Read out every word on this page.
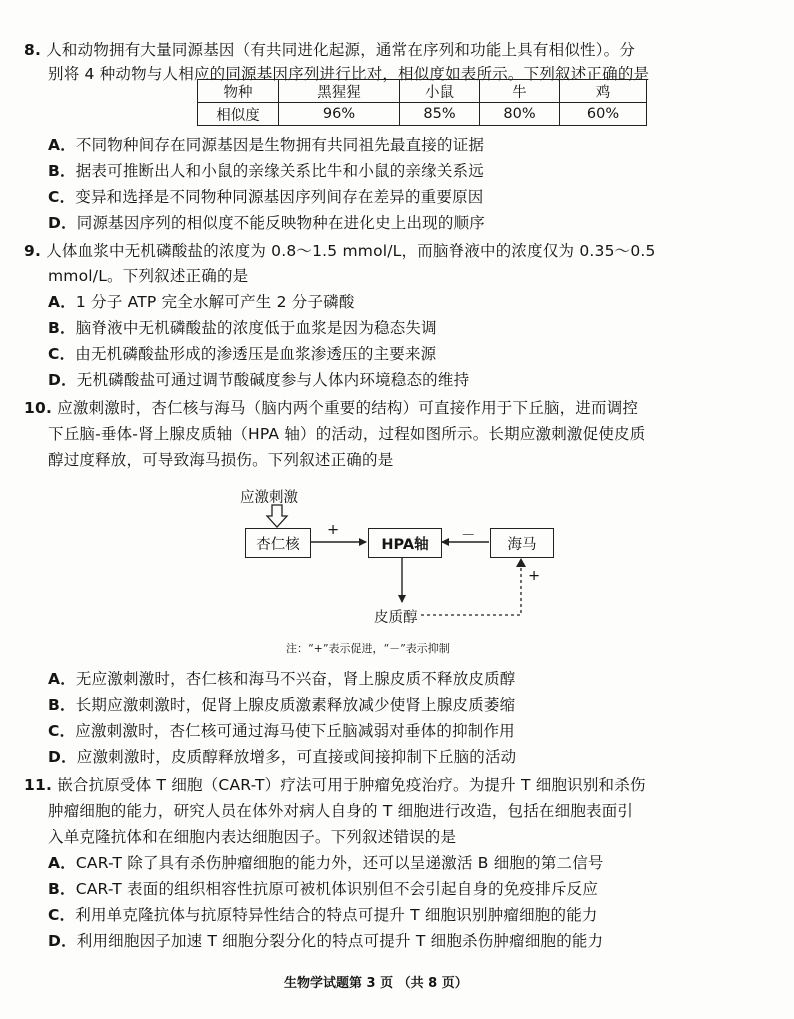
8. 人和动物拥有大量同源基因（有共同进化起源，通常在序列和功能上具有相似性）。分
别将 4 种动物与人相应的同源基因序列进行比对，相似度如表所示。下列叙述正确的是
物种	黑猩猩	小鼠	牛	鸡
相似度	96%	85%	80%	60%
A．不同物种间存在同源基因是生物拥有共同祖先最直接的证据
B．据表可推断出人和小鼠的亲缘关系比牛和小鼠的亲缘关系远
C．变异和选择是不同物种同源基因序列间存在差异的重要原因
D．同源基因序列的相似度不能反映物种在进化史上出现的顺序
9. 人体血浆中无机磷酸盐的浓度为 0.8～1.5 mmol/L，而脑脊液中的浓度仅为 0.35～0.5
mmol/L。下列叙述正确的是
A．1 分子 ATP 完全水解可产生 2 分子磷酸
B．脑脊液中无机磷酸盐的浓度低于血浆是因为稳态失调
C．由无机磷酸盐形成的渗透压是血浆渗透压的主要来源
D．无机磷酸盐可通过调节酸碱度参与人体内环境稳态的维持
10. 应激刺激时，杏仁核与海马（脑内两个重要的结构）可直接作用于下丘脑，进而调控
下丘脑-垂体-肾上腺皮质轴（HPA 轴）的活动，过程如图所示。长期应激刺激促使皮质
醇过度释放，可导致海马损伤。下列叙述正确的是
应激刺激
杏仁核	HPA轴	海马
皮质醇
+	－
+
注：“+”表示促进，“－”表示抑制
A．无应激刺激时，杏仁核和海马不兴奋，肾上腺皮质不释放皮质醇
B．长期应激刺激时，促肾上腺皮质激素释放减少使肾上腺皮质萎缩
C．应激刺激时，杏仁核可通过海马使下丘脑减弱对垂体的抑制作用
D．应激刺激时，皮质醇释放增多，可直接或间接抑制下丘脑的活动
11. 嵌合抗原受体 T 细胞（CAR-T）疗法可用于肿瘤免疫治疗。为提升 T 细胞识别和杀伤
肿瘤细胞的能力，研究人员在体外对病人自身的 T 细胞进行改造，包括在细胞表面引
入单克隆抗体和在细胞内表达细胞因子。下列叙述错误的是
A．CAR-T 除了具有杀伤肿瘤细胞的能力外，还可以呈递激活 B 细胞的第二信号
B．CAR-T 表面的组织相容性抗原可被机体识别但不会引起自身的免疫排斥反应
C．利用单克隆抗体与抗原特异性结合的特点可提升 T 细胞识别肿瘤细胞的能力
D．利用细胞因子加速 T 细胞分裂分化的特点可提升 T 细胞杀伤肿瘤细胞的能力
生物学试题第 3 页 （共 8 页）
